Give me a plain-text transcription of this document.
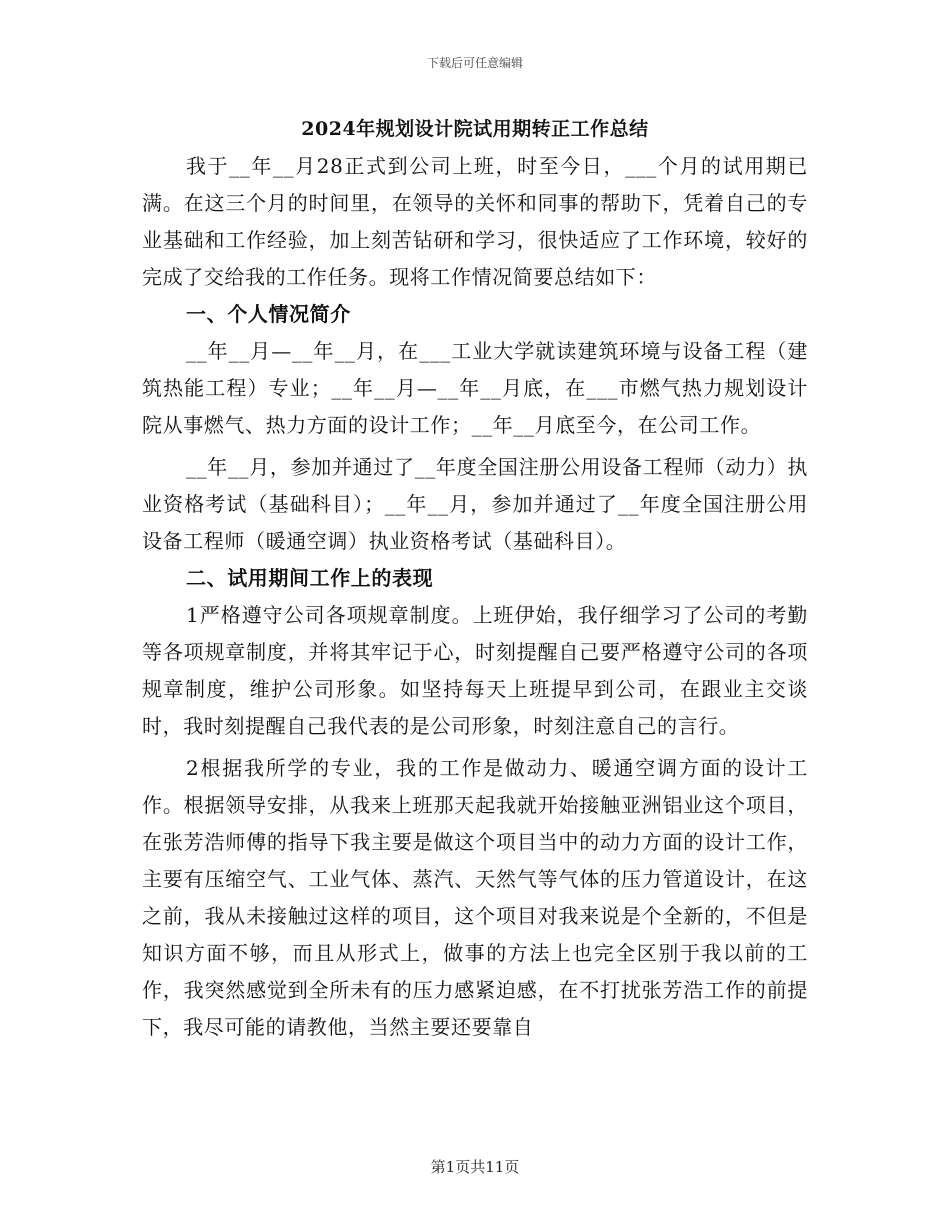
下载后可任意编辑
2024年规划设计院试用期转正工作总结

我于__年__月28正式到公司上班，时至今日，___个月的试用期已满。在这三个月的时间里，在领导的关怀和同事的帮助下，凭着自己的专业基础和工作经验，加上刻苦钻研和学习，很快适应了工作环境，较好的完成了交给我的工作任务。现将工作情况简要总结如下：

一、个人情况简介

__年__月—__年__月，在___工业大学就读建筑环境与设备工程（建筑热能工程）专业；__年__月—__年__月底，在___市燃气热力规划设计院从事燃气、热力方面的设计工作；__年__月底至今，在公司工作。

__年__月，参加并通过了__年度全国注册公用设备工程师（动力）执业资格考试（基础科目）；__年__月，参加并通过了__年度全国注册公用设备工程师（暖通空调）执业资格考试（基础科目）。

二、试用期间工作上的表现

1严格遵守公司各项规章制度。上班伊始，我仔细学习了公司的考勤等各项规章制度，并将其牢记于心，时刻提醒自己要严格遵守公司的各项规章制度，维护公司形象。如坚持每天上班提早到公司，在跟业主交谈时，我时刻提醒自己我代表的是公司形象，时刻注意自己的言行。

2根据我所学的专业，我的工作是做动力、暖通空调方面的设计工作。根据领导安排，从我来上班那天起我就开始接触亚洲铝业这个项目，在张芳浩师傅的指导下我主要是做这个项目当中的动力方面的设计工作，主要有压缩空气、工业气体、蒸汽、天然气等气体的压力管道设计，在这之前，我从未接触过这样的项目，这个项目对我来说是个全新的，不但是知识方面不够，而且从形式上，做事的方法上也完全区别于我以前的工作，我突然感觉到全所未有的压力感紧迫感，在不打扰张芳浩工作的前提下，我尽可能的请教他，当然主要还要靠自

第1页共11页
